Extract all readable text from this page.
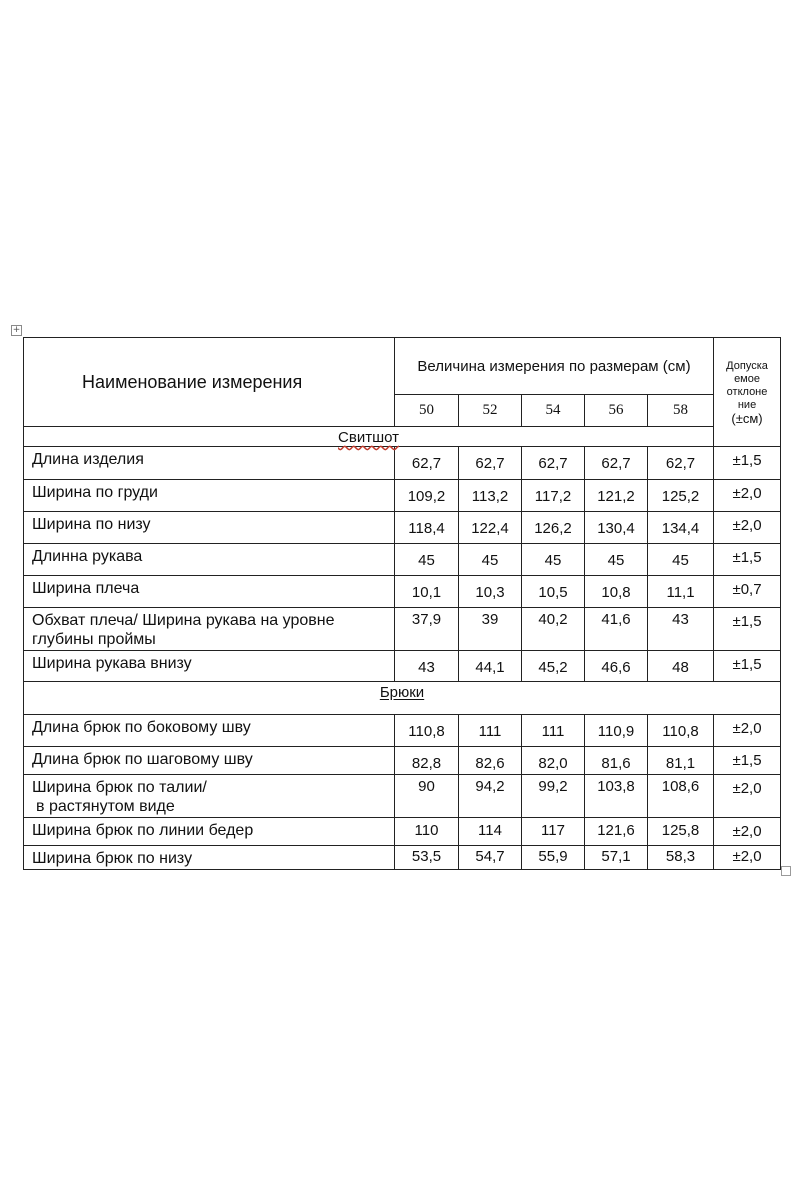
+
Наименование измерения	Величина измерения по размерам (см)					Допуска
емое
отклоне
ние
(±см)

	50	52	54	56	58	
Свитшот						

Длина изделия	62,7	62,7	62,7	62,7	62,7	±1,5

Ширина по груди	109,2	113,2	117,2	121,2	125,2	±2,0

Ширина по низу	118,4	122,4	126,2	130,4	134,4	±2,0

Длинна рукава	45	45	45	45	45	±1,5

Ширина плеча	10,1	10,3	10,5	10,8	11,1	±0,7

Обхват плеча/ Ширина рукава на уровне глубины проймы	37,9	39	40,2	41,6	43	±1,5

Ширина рукава внизу	43	44,1	45,2	46,6	48	±1,5
Брюки						

Длина брюк по боковому шву	110,8	111	111	110,9	110,8	±2,0

Длина брюк по шаговому шву	82,8	82,6	82,0	81,6	81,1	±1,5

Ширина брюк по талии/
в растянутом виде	90	94,2	99,2	103,8	108,6	±2,0

Ширина брюк по линии бедер	110	114	117	121,6	125,8	±2,0

Ширина брюк по низу	53,5	54,7	55,9	57,1	58,3	±2,0
